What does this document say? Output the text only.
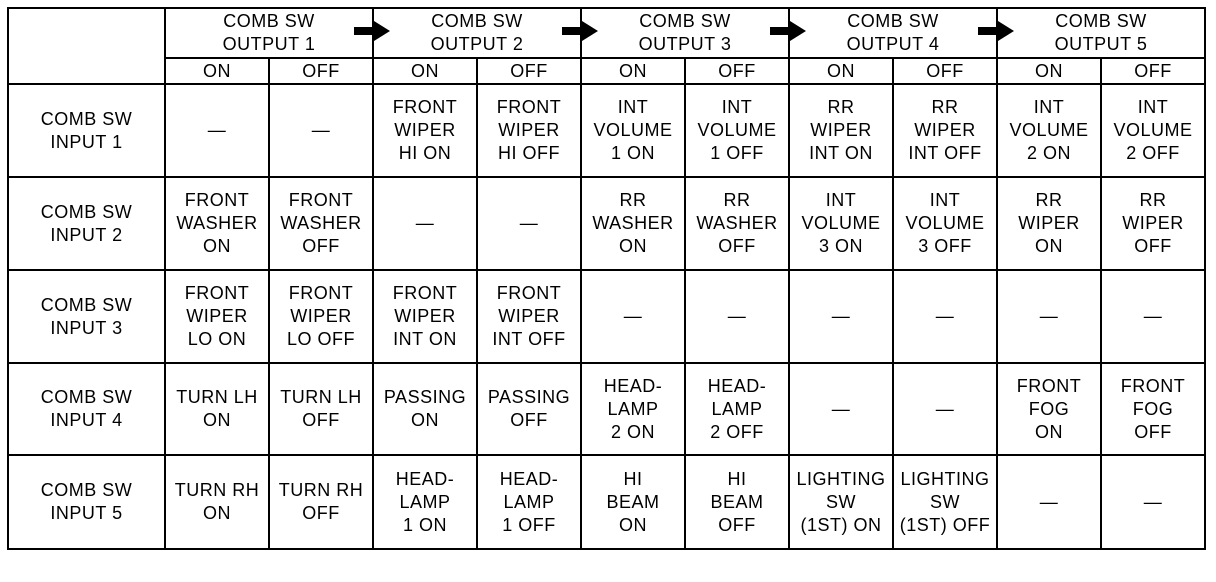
	COMB SW
OUTPUT 1		COMB SW
OUTPUT 2		COMB SW
OUTPUT 3		COMB SW
OUTPUT 4		COMB SW
OUTPUT 5	

	ON	OFF	ON	OFF	ON	OFF	ON	OFF	ON	OFF

COMB SW
INPUT 1	—	—	FRONT
WIPER
HI ON	FRONT
WIPER
HI OFF	INT
VOLUME
1 ON	INT
VOLUME
1 OFF	RR
WIPER
INT ON	RR
WIPER
INT OFF	INT
VOLUME
2 ON	INT
VOLUME
2 OFF

COMB SW
INPUT 2	FRONT
WASHER
ON	FRONT
WASHER
OFF	—	—	RR
WASHER
ON	RR
WASHER
OFF	INT
VOLUME
3 ON	INT
VOLUME
3 OFF	RR
WIPER
ON	RR
WIPER
OFF

COMB SW
INPUT 3	FRONT
WIPER
LO ON	FRONT
WIPER
LO OFF	FRONT
WIPER
INT ON	FRONT
WIPER
INT OFF	—	—	—	—	—	—

COMB SW
INPUT 4	TURN LH
ON	TURN LH
OFF	PASSING
ON	PASSING
OFF	HEAD-
LAMP
2 ON	HEAD-
LAMP
2 OFF	—	—	FRONT
FOG
ON	FRONT
FOG
OFF

COMB SW
INPUT 5	TURN RH
ON	TURN RH
OFF	HEAD-
LAMP
1 ON	HEAD-
LAMP
1 OFF	HI
BEAM
ON	HI
BEAM
OFF	LIGHTING
SW
(1ST) ON	LIGHTING
SW
(1ST) OFF	—	—
